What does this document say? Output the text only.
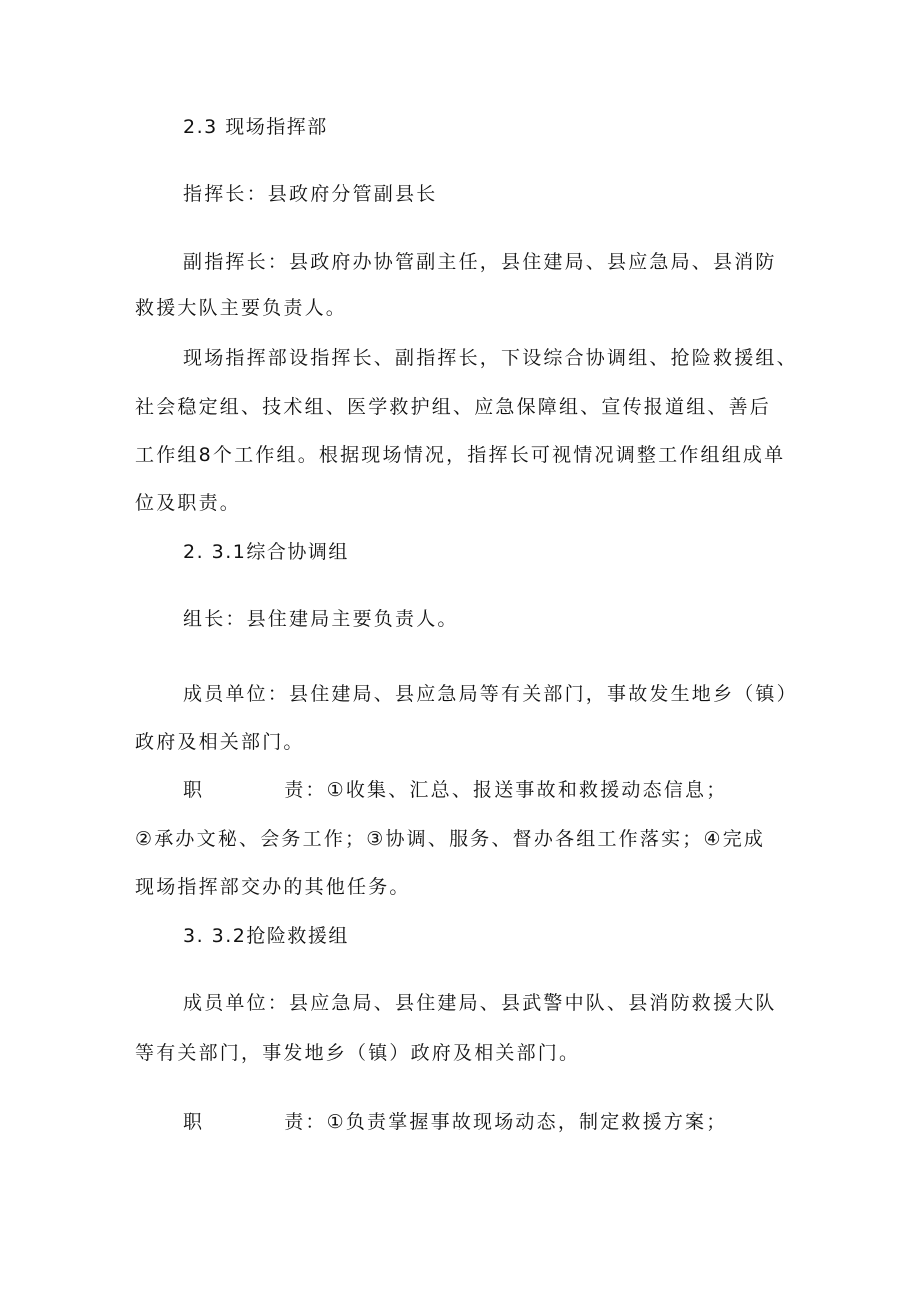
2.3 现场指挥部

指挥长：县政府分管副县长

副指挥长：县政府办协管副主任，县住建局、县应急局、县消防

救援大队主要负责人。

现场指挥部设指挥长、副指挥长，下设综合协调组、抢险救援组、

社会稳定组、技术组、医学救护组、应急保障组、宣传报道组、善后

工作组8个工作组。根据现场情况，指挥长可视情况调整工作组组成单

位及职责。

2. 3.1综合协调组

组长：县住建局主要负责人。

成员单位：县住建局、县应急局等有关部门，事故发生地乡（镇）

政府及相关部门。

职	责：①收集、汇总、报送事故和救援动态信息；

②承办文秘、会务工作；③协调、服务、督办各组工作落实；④完成

现场指挥部交办的其他任务。

3. 3.2抢险救援组

成员单位：县应急局、县住建局、县武警中队、县消防救援大队

等有关部门，事发地乡（镇）政府及相关部门。

职	责：①负责掌握事故现场动态，制定救援方案；
